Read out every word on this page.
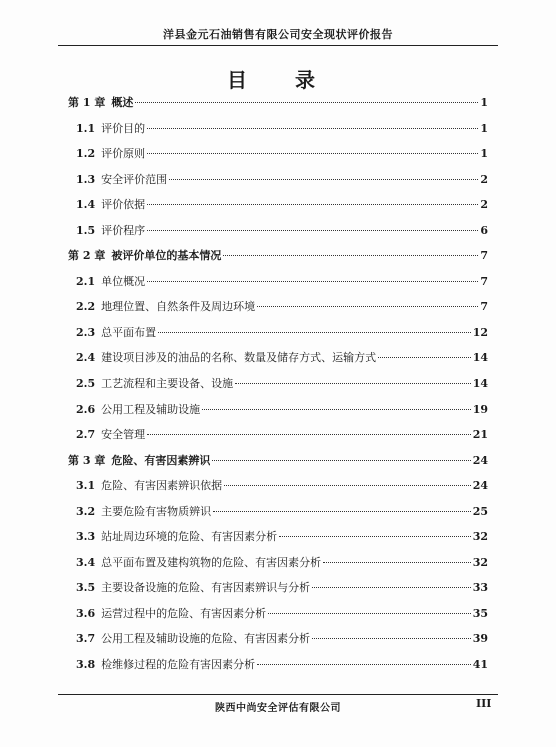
洋县金元石油销售有限公司安全现状评价报告
目　录
第 1 章 概述	1
1.1 评价目的	1
1.2 评价原则	1
1.3 安全评价范围	2
1.4 评价依据	2
1.5 评价程序	6
第 2 章 被评价单位的基本情况	7
2.1 单位概况	7
2.2 地理位置、自然条件及周边环境	7
2.3 总平面布置	12
2.4 建设项目涉及的油品的名称、数量及储存方式、运输方式	14
2.5 工艺流程和主要设备、设施	14
2.6 公用工程及辅助设施	19
2.7 安全管理	21
第 3 章 危险、有害因素辨识	24
3.1 危险、有害因素辨识依据	24
3.2 主要危险有害物质辨识	25
3.3 站址周边环境的危险、有害因素分析	32
3.4 总平面布置及建构筑物的危险、有害因素分析	32
3.5 主要设备设施的危险、有害因素辨识与分析	33
3.6 运营过程中的危险、有害因素分析	35
3.7 公用工程及辅助设施的危险、有害因素分析	39
3.8 检维修过程的危险有害因素分析	41
陕西中尚安全评估有限公司	III
